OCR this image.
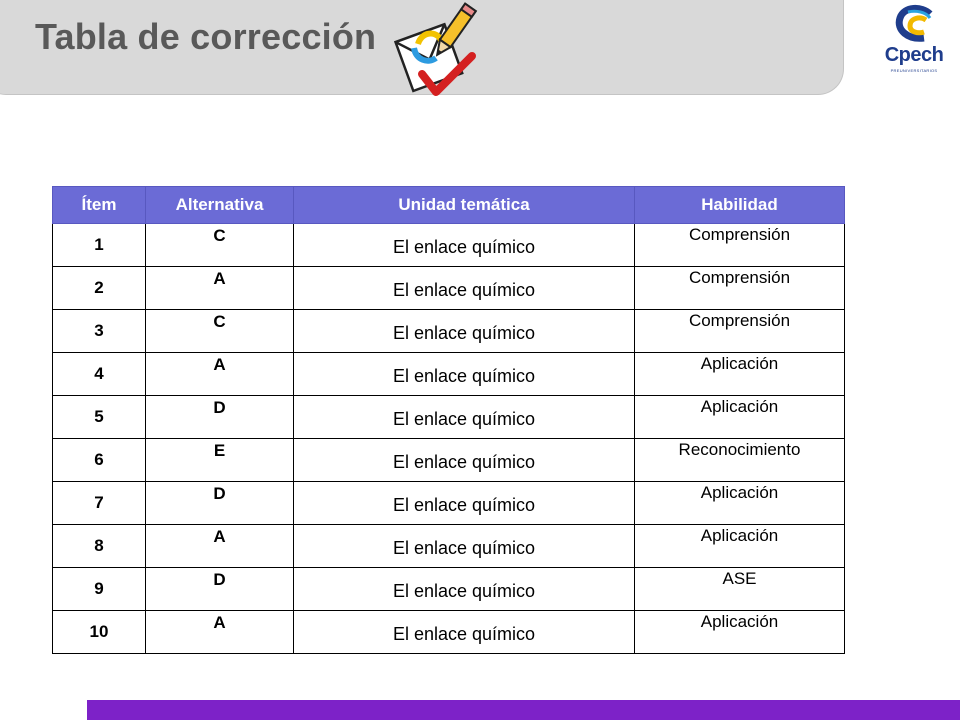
Tabla de corrección	Cpech
PREUNIVERSITARIOS
Ítem	Alternativa	Unidad temática	Habilidad
1	C	El enlace químico	Comprensión
2	A	El enlace químico	Comprensión
3	C	El enlace químico	Comprensión
4	A	El enlace químico	Aplicación
5	D	El enlace químico	Aplicación
6	E	El enlace químico	Reconocimiento
7	D	El enlace químico	Aplicación
8	A	El enlace químico	Aplicación
9	D	El enlace químico	ASE
10	A	El enlace químico	Aplicación
